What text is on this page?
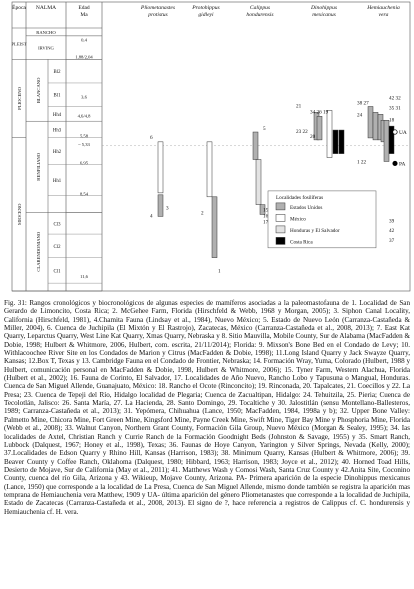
Época NALMA	Edad
Ma
Pliometanastes
protistus
Protohippus
gidleyi
Calippus
hondurensis
Dinohippus
mexicanus
Hemiauchenia
vera
PLEIST
PLIOCENO
MIOCENO
RANCHO
IRVING
BLANCANO
HENFILIANO
CLARENDONIANO
Bl2
Bl1
Hh4
Hh3
Hh2
Hh1
Cl3
Cl2
Cl1
0,4
1,88/2,04
3,6
4,6/4,8
5,58
~ 5,33
6,95
8,54
11,6
6
3
4	2
1
5
15
16
17
21
34 26 19
23 22
20
1 22
42 32
38 27
35 31
24
18
39
42
37
UA
PA
Localidades fosilíferas
Estados Unidos
México
Honduras y El Salvador
Costa Rica

Fig. 31: Rangos cronológicos y biocronológicos de algunas especies de mamíferos asociadas a la paleomastofauna de 1. Localidad de San Gerardo de Limoncito, Costa Rica; 2. McGehee Farm, Florida (Hirschfeld & Webb, 1968 y Morgan, 2005); 3. Siphon Canal Locality, California (Hirschfeld, 1981), 4.Chamita Fauna (Lindsay et al., 1984), Nuevo México; 5. Estado de Nuevo León (Carranza-Castañeda & Miller, 2004), 6. Cuenca de Juchipila (El Mixtón y El Rastrojo), Zacatecas, México (Carranza-Castañeda et al., 2008, 2013); 7. East Kat Quarry, Leparctus Quarry, West Line Kat Quarry, Xmas Quarry, Nebraska y 8. Sitio Mauvilla, Mobile County, Sur de Alabama (MacFadden & Dobie, 1998; Hulbert & Whitmore, 2006, Hulbert, com. escrita, 21/11/2014); Florida: 9. Mixson's Bone Bed en el Condado de Levy; 10. Withlacoochee River Site en los Condados de Marion y Citrus (MacFadden & Dobie, 1998); 11.Long Island Quarry y Jack Swayze Quarry, Kansas; 12.Box T, Texas y 13. Cambridge Fauna en el Condado de Frontier, Nebraska; 14. Formación Wray, Yuma, Colorado (Hulbert, 1988 y Hulbert, comunicación personal en MacFadden & Dobie, 1998, Hulbert & Whitmore, 2006); 15. Tyner Farm, Western Alachua, Florida (Hulbert et al., 2002); 16. Fauna de Corinto, El Salvador, 17. Localidades de Año Nuevo, Rancho Lobo y Tapusuna o Mangual, Honduras. Cuenca de San Miguel Allende, Guanajuato, México: 18. Rancho el Ocote (Rinconcito); 19. Rinconada, 20. Tapalcates, 21. Coecillos y 22. La Presa; 23. Cuenca de Tepeji del Río, Hidalgo localidad de Plegaria; Cuenca de Zacualtipan, Hidalgo: 24. Tehuitzila, 25. Pieria; Cuenca de Tecolotlán, Jalisco: 26. Santa María, 27. La Hacienda, 28. Santo Domingo, 29. Tocaltiche y 30. Jalostitlán (sensu Montellano-Ballesteros, 1989; Carranza-Castañeda et al., 2013); 31. Yepómera, Chihuahua (Lance, 1950; MacFadden, 1984, 1998a y b); 32. Upper Bone Valley: Palmetto Mine, Chicora Mine, Fort Green Mine, Kingsford Mine, Payne Creek Mine, Swift Mine, Tiger Bay Mine y Phosphoria Mine, Florida (Webb et al., 2008); 33. Walnut Canyon, Northern Grant County, Formación Gila Group, Nuevo México (Morgan & Sealey, 1995); 34. Ias localidades de Axtel, Christian Ranch y Currie Ranch de la Formación Goodnight Beds (Johnston & Savage, 1955) y 35. Smart Ranch, Lubbock (Dalquest, 1967; Honey et al., 1998), Texas; 36. Faunas de Hoye Canyon, Yarington y Silver Springs, Nevada (Kelly, 2000); 37.Localidades de Edson Quarry y Rhino Hill, Kansas (Harrison, 1983); 38. Minimum Quarry, Kansas (Hulbert & Whitmore, 2006); 39. Beaver County y Coffee Ranch, Oklahoma (Dalquest, 1980; Hibbard, 1963; Harrison, 1983; Joyce et al., 2012); 40. Horned Toad Hills, Desierto de Mojave, Sur de California (May et al., 2011); 41. Matthews Wash y Comosi Wash, Santa Cruz County y 42.Anita Site, Coconino County, cuenca del río Gila, Arizona y 43. Wikieup, Mojave County, Arizona. PA- Primera aparición de la especie Dinohippus mexicanus (Lance, 1950) que corresponde a la localidad de La Presa, Cuenca de San Miguel Allende, mismo donde también se registra la aparición mas temprana de Hemiauchenia vera Matthew, 1909 y UA- última aparición del género Pliometanastes que corresponde a la localidad de Juchipila, Estado de Zacatecas (Carranza-Castañeda et al., 2008, 2013). El signo de ?, hace referencia a registros de Calippus cf. C. hondurensis y Hemiauchenia cf. H. vera.
